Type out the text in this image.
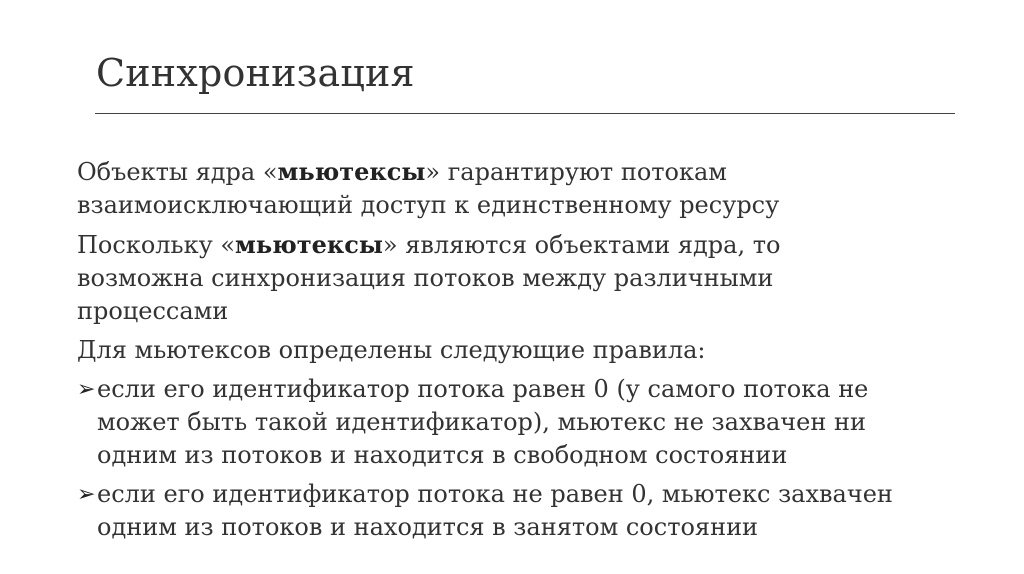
Синхронизация

Объекты ядра «мьютексы» гарантируют потокам
взаимоисключающий доступ к единственному ресурсу

Поскольку «мьютексы» являются объектами ядра, то
возможна синхронизация потоков между различными
процессами

Для мьютексов определены следующие правила:

➢ если его идентификатор потока равен 0 (у самого потока не
может быть такой идентификатор), мьютекс не захвачен ни
одним из потоков и находится в свободном состоянии
➢ если его идентификатор потока не равен 0, мьютекс захвачен
одним из потоков и находится в занятом состоянии
